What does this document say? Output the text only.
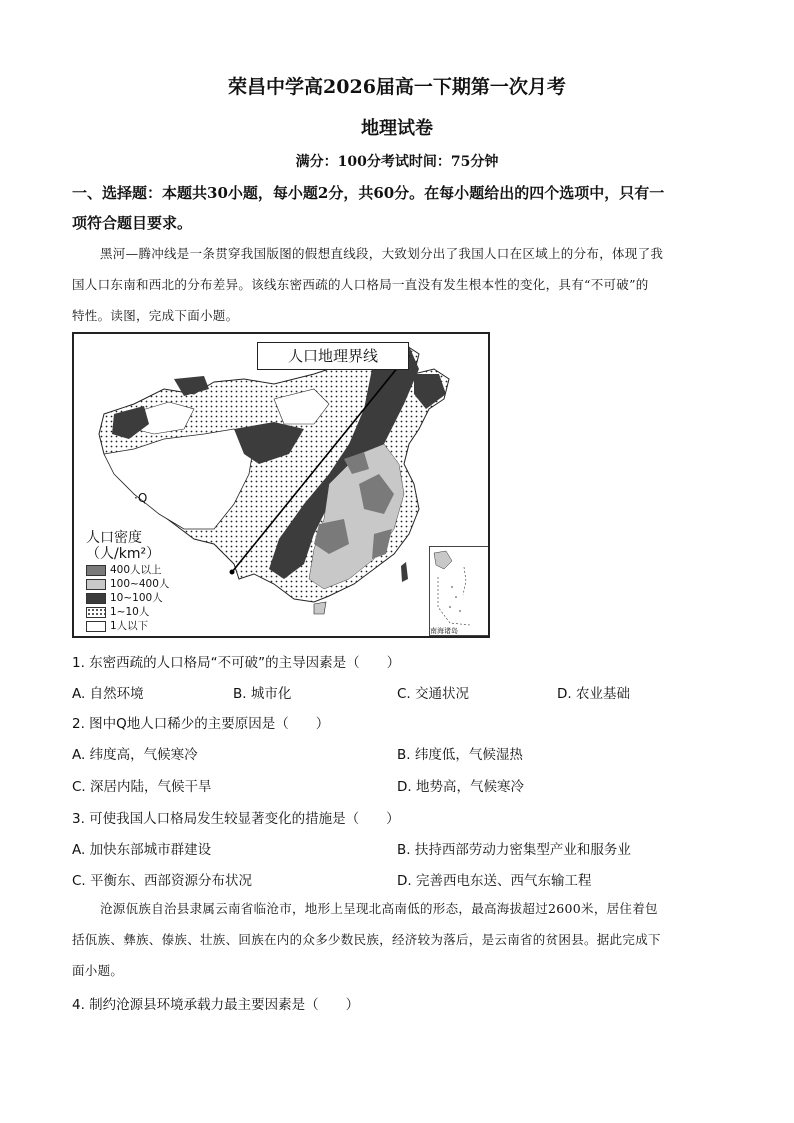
荣昌中学高2026届高一下期第一次月考
地理试卷
满分：100分考试时间：75分钟
一、选择题：本题共30小题，每小题2分，共60分。在每小题给出的四个选项中，只有一
项符合题目要求。
黑河—腾冲线是一条贯穿我国版图的假想直线段，大致划分出了我国人口在区域上的分布，体现了我
国人口东南和西北的分布差异。该线东密西疏的人口格局一直没有发生根本性的变化，具有“不可破”的
特性。读图，完成下面小题。
人口地理界线
·Q
人口密度
（人/km²）
400人以上
100~400人
10~100人
1~10人
1人以下	南海诸岛
1. 东密西疏的人口格局“不可破”的主导因素是（　　）
A. 自然环境	B. 城市化	C. 交通状况	D. 农业基础
2. 图中Q地人口稀少的主要原因是（　　）
A. 纬度高，气候寒冷	B. 纬度低，气候湿热
C. 深居内陆，气候干旱	D. 地势高，气候寒冷
3. 可使我国人口格局发生较显著变化的措施是（　　）
A. 加快东部城市群建设	B. 扶持西部劳动力密集型产业和服务业
C. 平衡东、西部资源分布状况	D. 完善西电东送、西气东输工程
沧源佤族自治县隶属云南省临沧市，地形上呈现北高南低的形态，最高海拔超过2600米，居住着包
括佤族、彝族、傣族、壮族、回族在内的众多少数民族，经济较为落后，是云南省的贫困县。据此完成下
面小题。
4. 制约沧源县环境承载力最主要因素是（　　）
